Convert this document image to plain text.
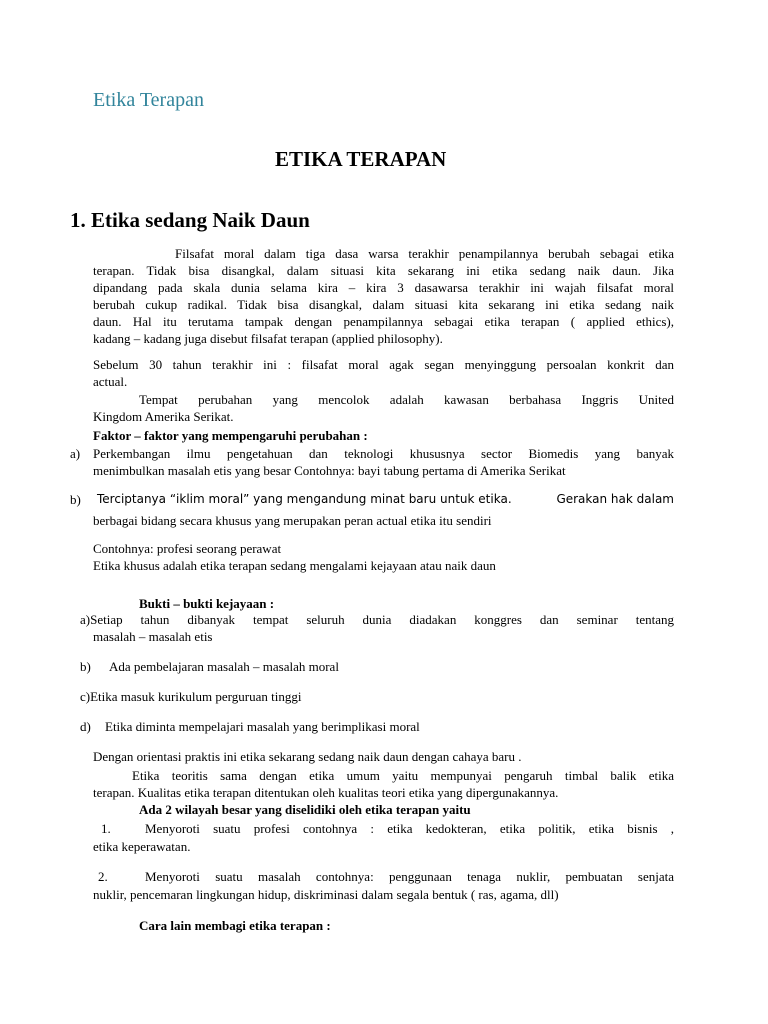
Etika Terapan
ETIKA TERAPAN
1. Etika sedang Naik Daun
Filsafat moral dalam tiga dasa warsa terakhir penampilannya berubah sebagai etika
terapan. Tidak bisa disangkal, dalam situasi kita sekarang ini etika sedang naik daun. Jika
dipandang pada skala dunia selama kira – kira 3 dasawarsa terakhir ini wajah filsafat moral
berubah cukup radikal. Tidak bisa disangkal, dalam situasi kita sekarang ini etika sedang naik
daun. Hal itu terutama tampak dengan penampilannya sebagai etika terapan ( applied ethics),
kadang – kadang juga disebut filsafat terapan (applied philosophy).
Sebelum 30 tahun terakhir ini : filsafat moral agak segan menyinggung persoalan konkrit dan
actual.
Tempat perubahan yang mencolok adalah kawasan berbahasa Inggris United
Kingdom Amerika Serikat.
Faktor – faktor yang mempengaruhi perubahan :
a) Perkembangan ilmu pengetahuan dan teknologi khususnya sector Biomedis yang banyak
menimbulkan masalah etis yang besar Contohnya: bayi tabung pertama di Amerika Serikat
b) Terciptanya “iklim moral” yang mengandung minat baru untuk etika.	Gerakan hak dalam
berbagai bidang secara khusus yang merupakan peran actual etika itu sendiri
Contohnya: profesi seorang perawat
Etika khusus adalah etika terapan sedang mengalami kejayaan atau naik daun
Bukti – bukti kejayaan :
a)Setiap tahun dibanyak tempat seluruh dunia diadakan konggres dan seminar tentang
masalah – masalah etis
b) Ada pembelajaran masalah – masalah moral
c)Etika masuk kurikulum perguruan tinggi
d) Etika diminta mempelajari masalah yang berimplikasi moral
Dengan orientasi praktis ini etika sekarang sedang naik daun dengan cahaya baru .
Etika teoritis sama dengan etika umum yaitu mempunyai pengaruh timbal balik etika
terapan. Kualitas etika terapan ditentukan oleh kualitas teori etika yang dipergunakannya.
Ada 2 wilayah besar yang diselidiki oleh etika terapan yaitu
1.	Menyoroti suatu profesi contohnya : etika kedokteran, etika politik, etika bisnis ,
etika keperawatan.
2.	Menyoroti suatu masalah contohnya: penggunaan tenaga nuklir, pembuatan senjata
nuklir, pencemaran lingkungan hidup, diskriminasi dalam segala bentuk ( ras, agama, dll)
Cara lain membagi etika terapan :
